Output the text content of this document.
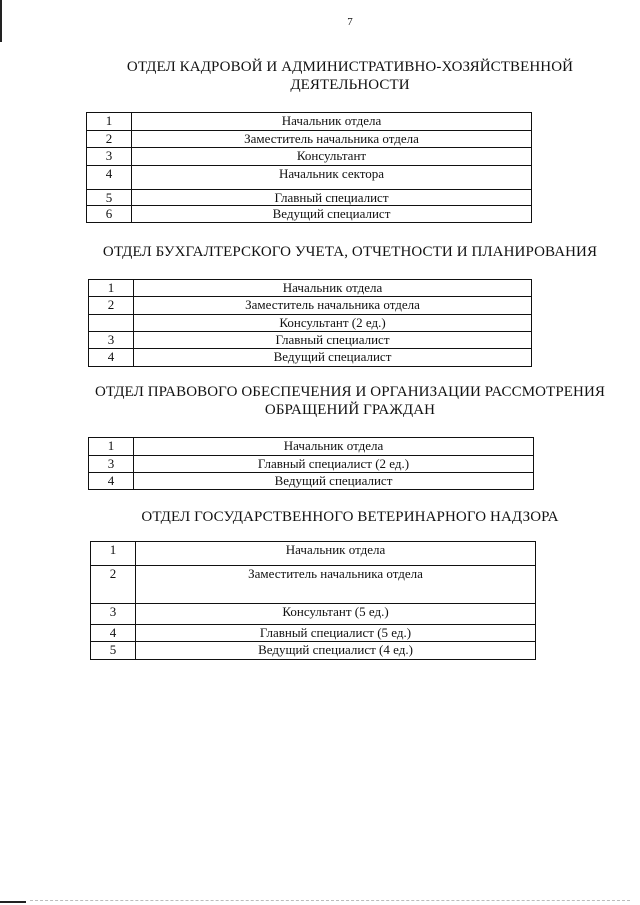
7
ОТДЕЛ КАДРОВОЙ И АДМИНИСТРАТИВНО-ХОЗЯЙСТВЕННОЙ
ДЕЯТЕЛЬНОСТИ
1	Начальник отдела
2	Заместитель начальника отдела
3	Консультант
4	Начальник сектора
5	Главный специалист
6	Ведущий специалист
ОТДЕЛ БУХГАЛТЕРСКОГО УЧЕТА, ОТЧЕТНОСТИ И ПЛАНИРОВАНИЯ
1	Начальник отдела
2	Заместитель начальника отдела
	Консультант (2 ед.)
3	Главный специалист
4	Ведущий специалист
ОТДЕЛ ПРАВОВОГО ОБЕСПЕЧЕНИЯ И ОРГАНИЗАЦИИ РАССМОТРЕНИЯ
ОБРАЩЕНИЙ ГРАЖДАН
1	Начальник отдела
3	Главный специалист (2 ед.)
4	Ведущий специалист
ОТДЕЛ ГОСУДАРСТВЕННОГО ВЕТЕРИНАРНОГО НАДЗОРА
1	Начальник отдела
2	Заместитель начальника отдела
3	Консультант (5 ед.)
4	Главный специалист (5 ед.)
5	Ведущий специалист (4 ед.)
